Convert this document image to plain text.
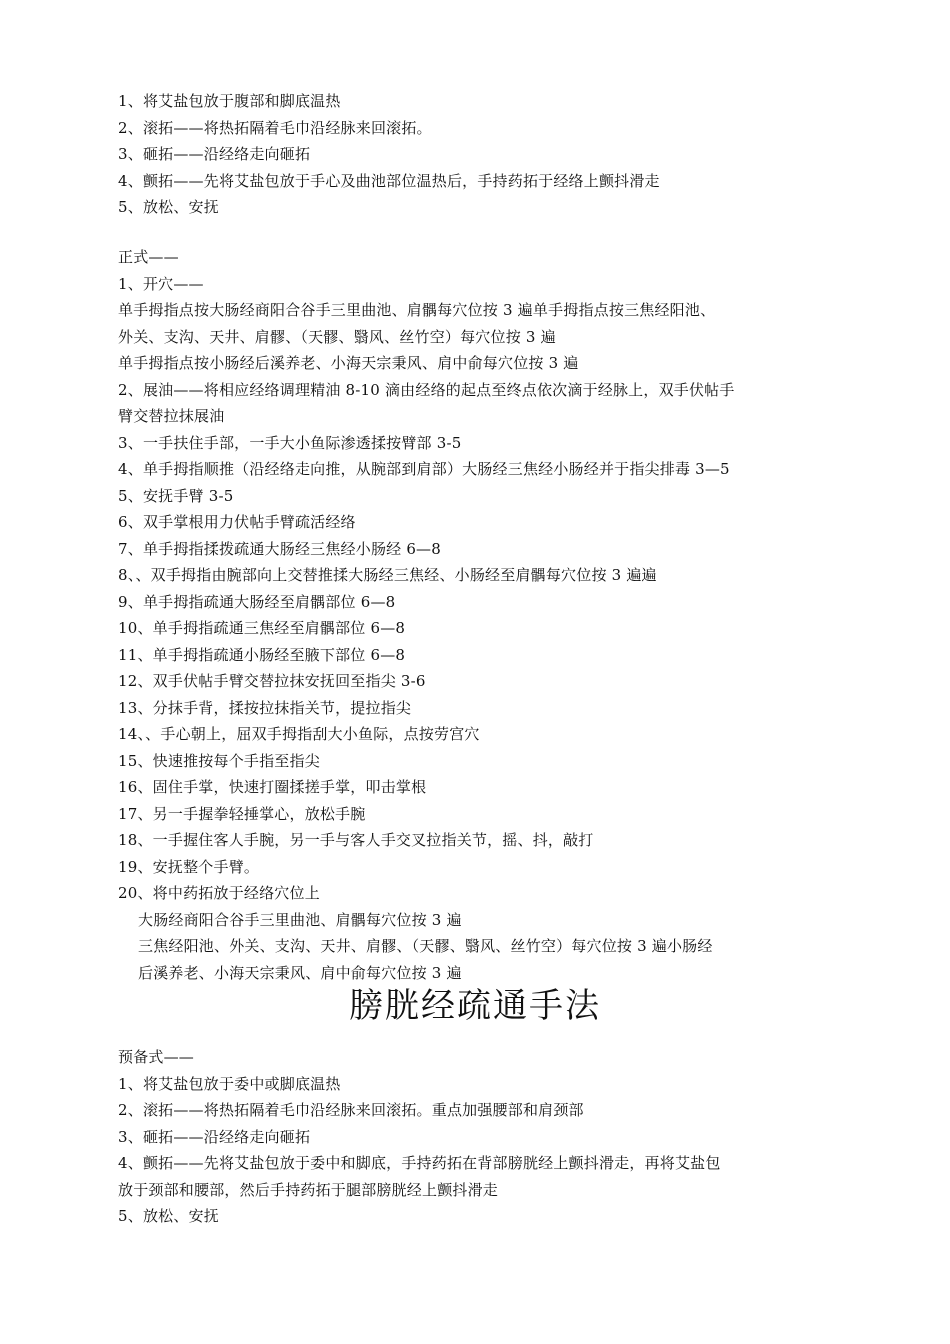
1、将艾盐包放于腹部和脚底温热
2、滚拓——将热拓隔着毛巾沿经脉来回滚拓。
3、砸拓——沿经络走向砸拓
4、颤拓——先将艾盐包放于手心及曲池部位温热后，手持药拓于经络上颤抖滑走
5、放松、安抚
正式——
1、开穴——
单手拇指点按大肠经商阳合谷手三里曲池、肩髃每穴位按 3 遍单手拇指点按三焦经阳池、
外关、支沟、天井、肩髎、（天髎、翳风、丝竹空）每穴位按 3 遍
单手拇指点按小肠经后溪养老、小海天宗秉风、肩中俞每穴位按 3 遍
2、展油——将相应经络调理精油 8-10 滴由经络的起点至终点依次滴于经脉上，双手伏帖手
臂交替拉抹展油
3、一手扶住手部，一手大小鱼际渗透揉按臂部 3-5
4、单手拇指顺推（沿经络走向推，从腕部到肩部）大肠经三焦经小肠经并于指尖排毒 3—5
5、安抚手臂 3-5
6、双手掌根用力伏帖手臂疏活经络
7、单手拇指揉拨疏通大肠经三焦经小肠经 6—8
8、、双手拇指由腕部向上交替推揉大肠经三焦经、小肠经至肩髃每穴位按 3 遍遍
9、单手拇指疏通大肠经至肩髃部位 6—8
10、单手拇指疏通三焦经至肩髃部位 6—8
11、单手拇指疏通小肠经至腋下部位 6—8
12、双手伏帖手臂交替拉抹安抚回至指尖 3-6
13、分抹手背，揉按拉抹指关节，提拉指尖
14、、手心朝上，屈双手拇指刮大小鱼际，点按劳宫穴
15、快速推按每个手指至指尖
16、固住手掌，快速打圈揉搓手掌，叩击掌根
17、另一手握拳轻捶掌心，放松手腕
18、一手握住客人手腕，另一手与客人手交叉拉指关节，摇、抖，敲打
19、安抚整个手臂。
20、将中药拓放于经络穴位上
大肠经商阳合谷手三里曲池、肩髃每穴位按 3 遍
三焦经阳池、外关、支沟、天井、肩髎、（天髎、翳风、丝竹空）每穴位按 3 遍小肠经
后溪养老、小海天宗秉风、肩中俞每穴位按 3 遍
膀胱经疏通手法
预备式——
1、将艾盐包放于委中或脚底温热
2、滚拓——将热拓隔着毛巾沿经脉来回滚拓。重点加强腰部和肩颈部
3、砸拓——沿经络走向砸拓
4、颤拓——先将艾盐包放于委中和脚底，手持药拓在背部膀胱经上颤抖滑走，再将艾盐包
放于颈部和腰部，然后手持药拓于腿部膀胱经上颤抖滑走
5、放松、安抚
